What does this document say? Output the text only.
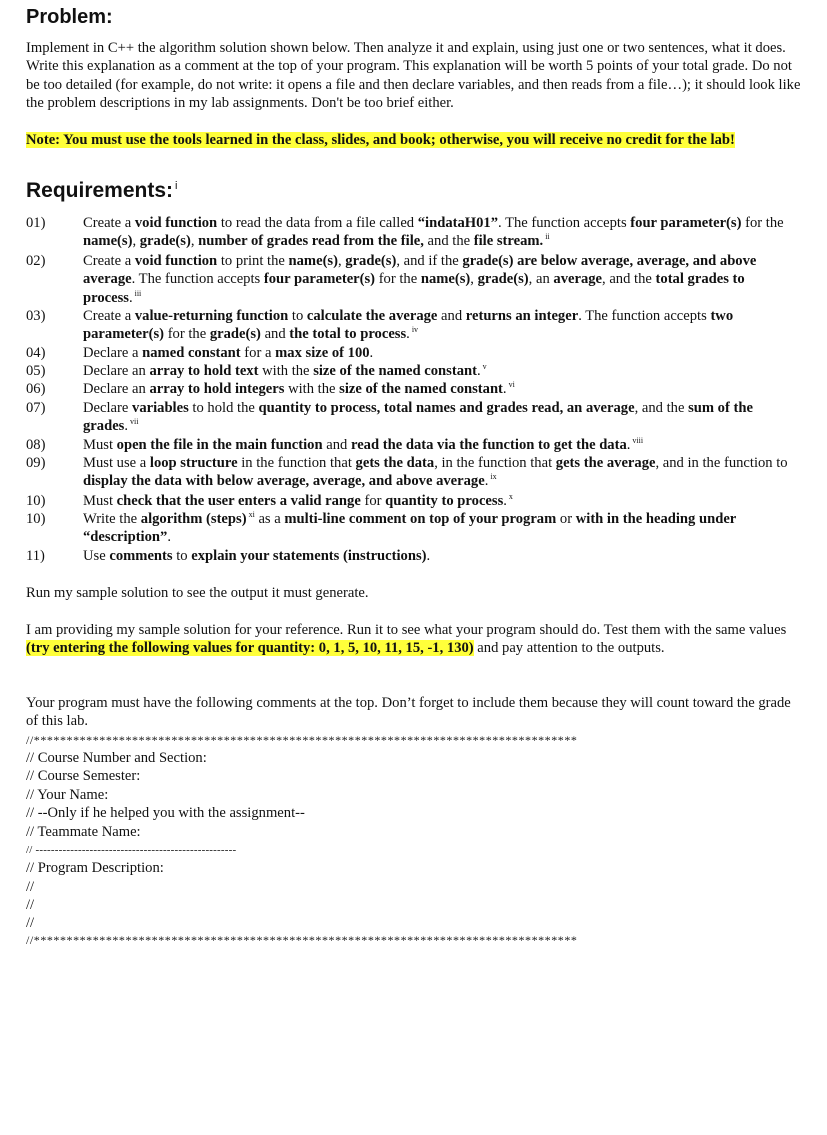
Problem:
Implement in C++ the algorithm solution shown below. Then analyze it and explain, using just one or two sentences, what it does. Write this explanation as a comment at the top of your program. This explanation will be worth 5 points of your total grade. Do not be too detailed (for example, do not write: it opens a file and then declare variables, and then reads from a file…); it should look like the problem descriptions in my lab assignments. Don't be too brief either.
Note: You must use the tools learned in the class, slides, and book; otherwise, you will receive no credit for the lab!
Requirements: $^i$
01)	Create a void function to read the data from a file called “indataH01”. The function accepts four parameter(s) for the name(s), grade(s), number of grades read from the file, and the file stream. $^{ii}$
02)	Create a void function to print the name(s), grade(s), and if the grade(s) are below average, average, and above average. The function accepts four parameter(s) for the name(s), grade(s), an average, and the total grades to process. $^{iii}$
03)	Create a value-returning function to calculate the average and returns an integer. The function accepts two parameter(s) for the grade(s) and the total to process. $^{iv}$
04)	Declare a named constant for a max size of 100.
05)	Declare an array to hold text with the size of the named constant. $^v$
06)	Declare an array to hold integers with the size of the named constant. $^{vi}$
07)	Declare variables to hold the quantity to process, total names and grades read, an average, and the sum of the grades. $^{vii}$
08)	Must open the file in the main function and read the data via the function to get the data. $^{viii}$
09)	Must use a loop structure in the function that gets the data, in the function that gets the average, and in the function to display the data with below average, average, and above average. $^{ix}$
10)	Must check that the user enters a valid range for quantity to process. $^x$
10)	Write the algorithm (steps) $^{xi}$ as a multi-line comment on top of your program or with in the heading under “description”.
11)	Use comments to explain your statements (instructions).
Run my sample solution to see the output it must generate.
I am providing my sample solution for your reference. Run it to see what your program should do. Test them with the same values (try entering the following values for quantity: 0, 1, 5, 10, 11, 15, -1, 130) and pay attention to the outputs.
Your program must have the following comments at the top. Don’t forget to include them because they will count toward the grade of this lab.
//***********************************************************************************
// Course Number and Section:
// Course Semester:
// Your Name:
// --Only if he helped you with the assignment--
// Teammate Name:
// ----------------------------------------------------
// Program Description:
//
//
//
//***********************************************************************************
